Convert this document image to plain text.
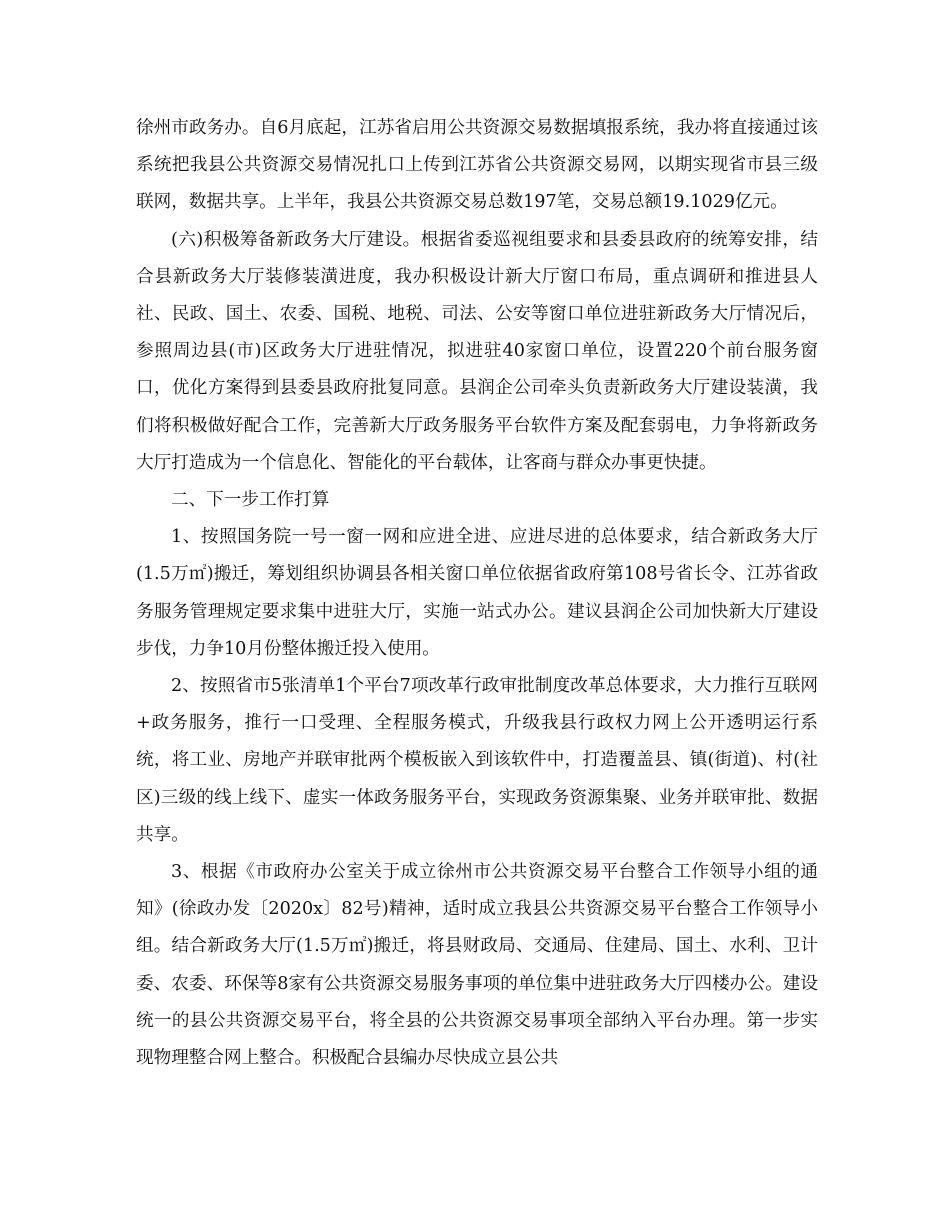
徐州市政务办。自6月底起，江苏省启用公共资源交易数据填报系统，我办将直接通过该系统把我县公共资源交易情况扎口上传到江苏省公共资源交易网，以期实现省市县三级联网，数据共享。上半年，我县公共资源交易总数197笔，交易总额19.1029亿元。

(六)积极筹备新政务大厅建设。根据省委巡视组要求和县委县政府的统筹安排，结合县新政务大厅装修装潢进度，我办积极设计新大厅窗口布局，重点调研和推进县人社、民政、国土、农委、国税、地税、司法、公安等窗口单位进驻新政务大厅情况后，参照周边县(市)区政务大厅进驻情况，拟进驻40家窗口单位，设置220个前台服务窗口，优化方案得到县委县政府批复同意。县润企公司牵头负责新政务大厅建设装潢，我们将积极做好配合工作，完善新大厅政务服务平台软件方案及配套弱电，力争将新政务大厅打造成为一个信息化、智能化的平台载体，让客商与群众办事更快捷。

二、下一步工作打算

1、按照国务院一号一窗一网和应进全进、应进尽进的总体要求，结合新政务大厅(1.5万㎡)搬迁，筹划组织协调县各相关窗口单位依据省政府第108号省长令、江苏省政务服务管理规定要求集中进驻大厅，实施一站式办公。建议县润企公司加快新大厅建设步伐，力争10月份整体搬迁投入使用。

2、按照省市5张清单1个平台7项改革行政审批制度改革总体要求，大力推行互联网+政务服务，推行一口受理、全程服务模式，升级我县行政权力网上公开透明运行系统，将工业、房地产并联审批两个模板嵌入到该软件中，打造覆盖县、镇(街道)、村(社区)三级的线上线下、虚实一体政务服务平台，实现政务资源集聚、业务并联审批、数据共享。

3、根据《市政府办公室关于成立徐州市公共资源交易平台整合工作领导小组的通知》(徐政办发〔2020x〕82号)精神，适时成立我县公共资源交易平台整合工作领导小组。结合新政务大厅(1.5万㎡)搬迁，将县财政局、交通局、住建局、国土、水利、卫计委、农委、环保等8家有公共资源交易服务事项的单位集中进驻政务大厅四楼办公。建设统一的县公共资源交易平台，将全县的公共资源交易事项全部纳入平台办理。第一步实现物理整合网上整合。积极配合县编办尽快成立县公共
